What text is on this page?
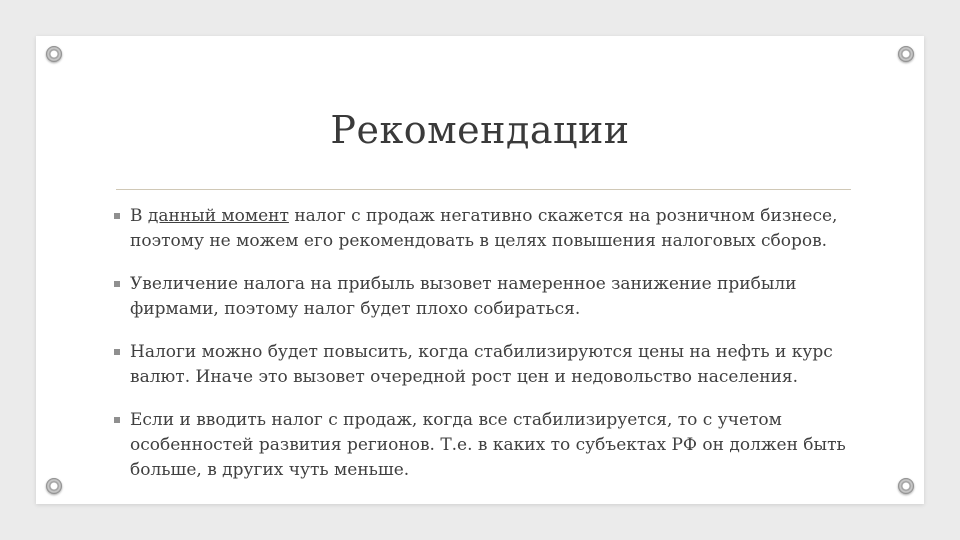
Рекомендации
В данный момент налог с продаж негативно скажется на розничном бизнесе, поэтому не можем его рекомендовать в целях повышения налоговых сборов.
Увеличение налога на прибыль вызовет намеренное занижение прибыли фирмами, поэтому налог будет плохо собираться.
Налоги можно будет повысить, когда стабилизируются цены на нефть и курс валют. Иначе это вызовет очередной рост цен и недовольство населения.
Если и вводить налог с продаж, когда все стабилизируется, то с учетом особенностей развития регионов. Т.е. в каких то субъектах РФ он должен быть больше, в других чуть меньше.
